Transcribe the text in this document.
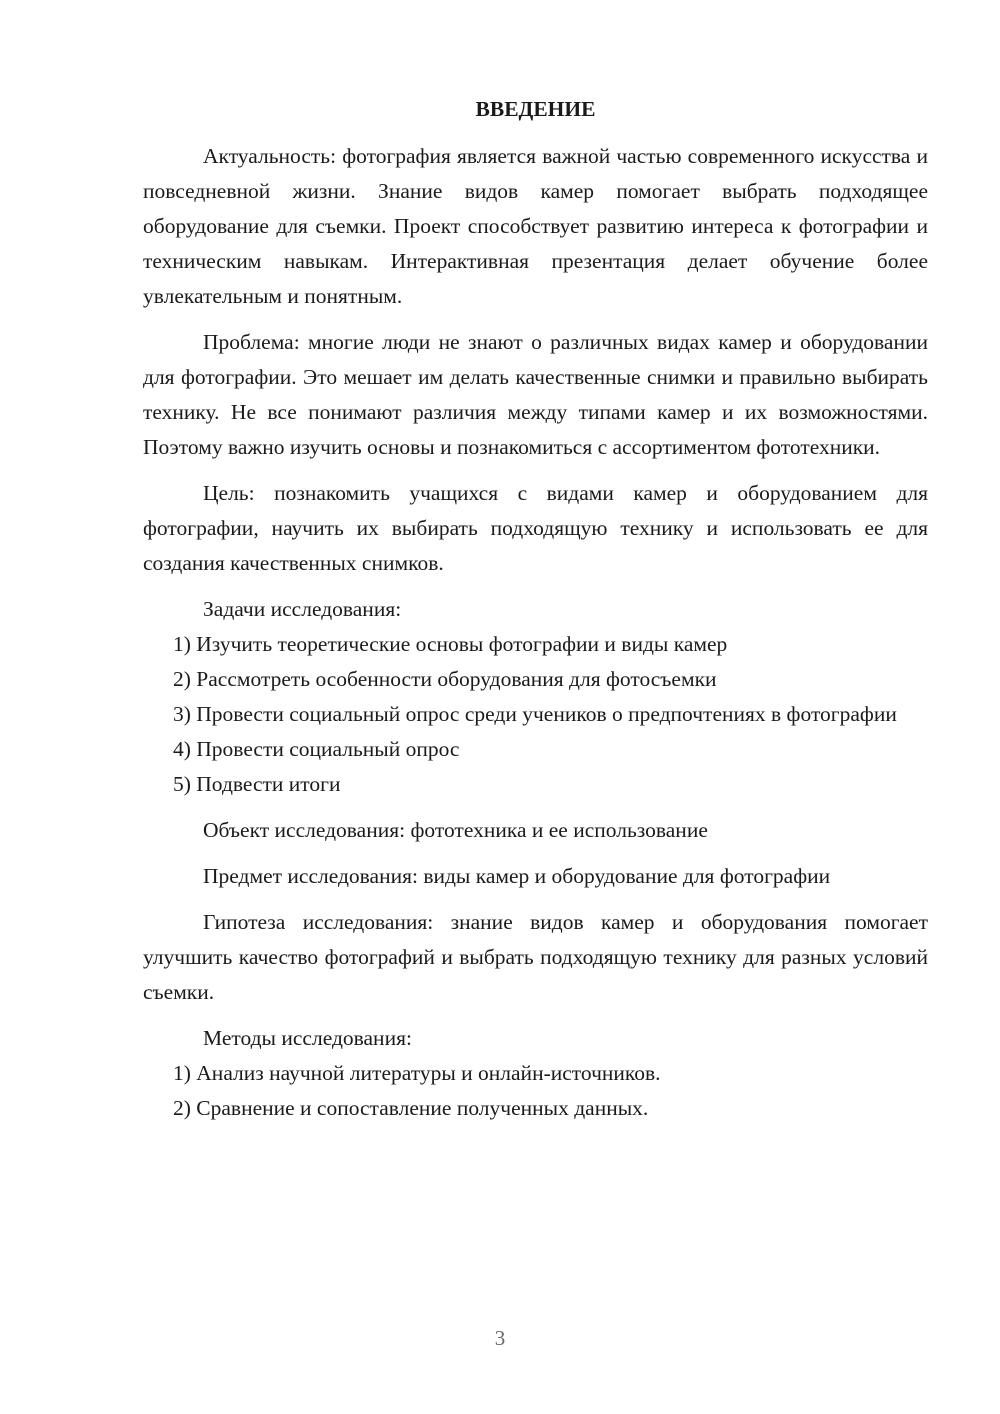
ВВЕДЕНИЕ

Актуальность: фотография является важной частью современного искусства и повседневной жизни. Знание видов камер помогает выбрать подходящее оборудование для съемки. Проект способствует развитию интереса к фотографии и техническим навыкам. Интерактивная презентация делает обучение более увлекательным и понятным.

Проблема: многие люди не знают о различных видах камер и оборудовании для фотографии. Это мешает им делать качественные снимки и правильно выбирать технику. Не все понимают различия между типами камер и их возможностями. Поэтому важно изучить основы и познакомиться с ассортиментом фототехники.

Цель: познакомить учащихся с видами камер и оборудованием для фотографии, научить их выбирать подходящую технику и использовать ее для создания качественных снимков.

Задачи исследования:

1) Изучить теоретические основы фотографии и виды камер

2) Рассмотреть особенности оборудования для фотосъемки

3) Провести социальный опрос среди учеников о предпочтениях в фотографии

4) Провести социальный опрос

5) Подвести итоги

Объект исследования: фототехника и ее использование

Предмет исследования: виды камер и оборудование для фотографии

Гипотеза исследования: знание видов камер и оборудования помогает улучшить качество фотографий и выбрать подходящую технику для разных условий съемки.

Методы исследования:

1) Анализ научной литературы и онлайн-источников.

2) Сравнение и сопоставление полученных данных.

3
